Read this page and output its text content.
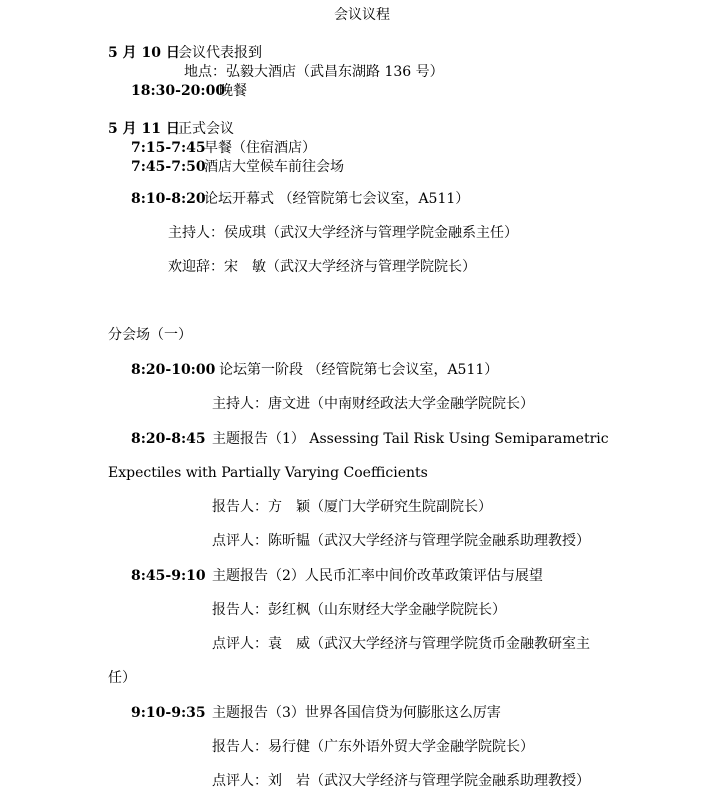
会议议程
5 月 10 日
会议代表报到
地点：弘毅大酒店（武昌东湖路 136 号）
18:30-20:00
晚餐
5 月 11 日
正式会议
7:15-7:45
早餐（住宿酒店）
7:45-7:50
酒店大堂候车前往会场
8:10-8:20
论坛开幕式 （经管院第七会议室，A511）
主持人：侯成琪（武汉大学经济与管理学院金融系主任）
欢迎辞：宋　敏（武汉大学经济与管理学院院长）
分会场（一）
8:20-10:00 论坛第一阶段 （经管院第七会议室，A511）
主持人：唐文进（中南财经政法大学金融学院院长）
8:20-8:45 主题报告（1） Assessing Tail Risk Using Semiparametric
Expectiles with Partially Varying Coefficients
报告人：方　颖（厦门大学研究生院副院长）
点评人：陈昕韫（武汉大学经济与管理学院金融系助理教授）
8:45-9:10 主题报告（2）人民币汇率中间价改革政策评估与展望
报告人：彭红枫（山东财经大学金融学院院长）
点评人：袁　威（武汉大学经济与管理学院货币金融教研室主
任）
9:10-9:35 主题报告（3）世界各国信贷为何膨胀这么厉害
报告人：易行健（广东外语外贸大学金融学院院长）
点评人：刘　岩（武汉大学经济与管理学院金融系助理教授）
